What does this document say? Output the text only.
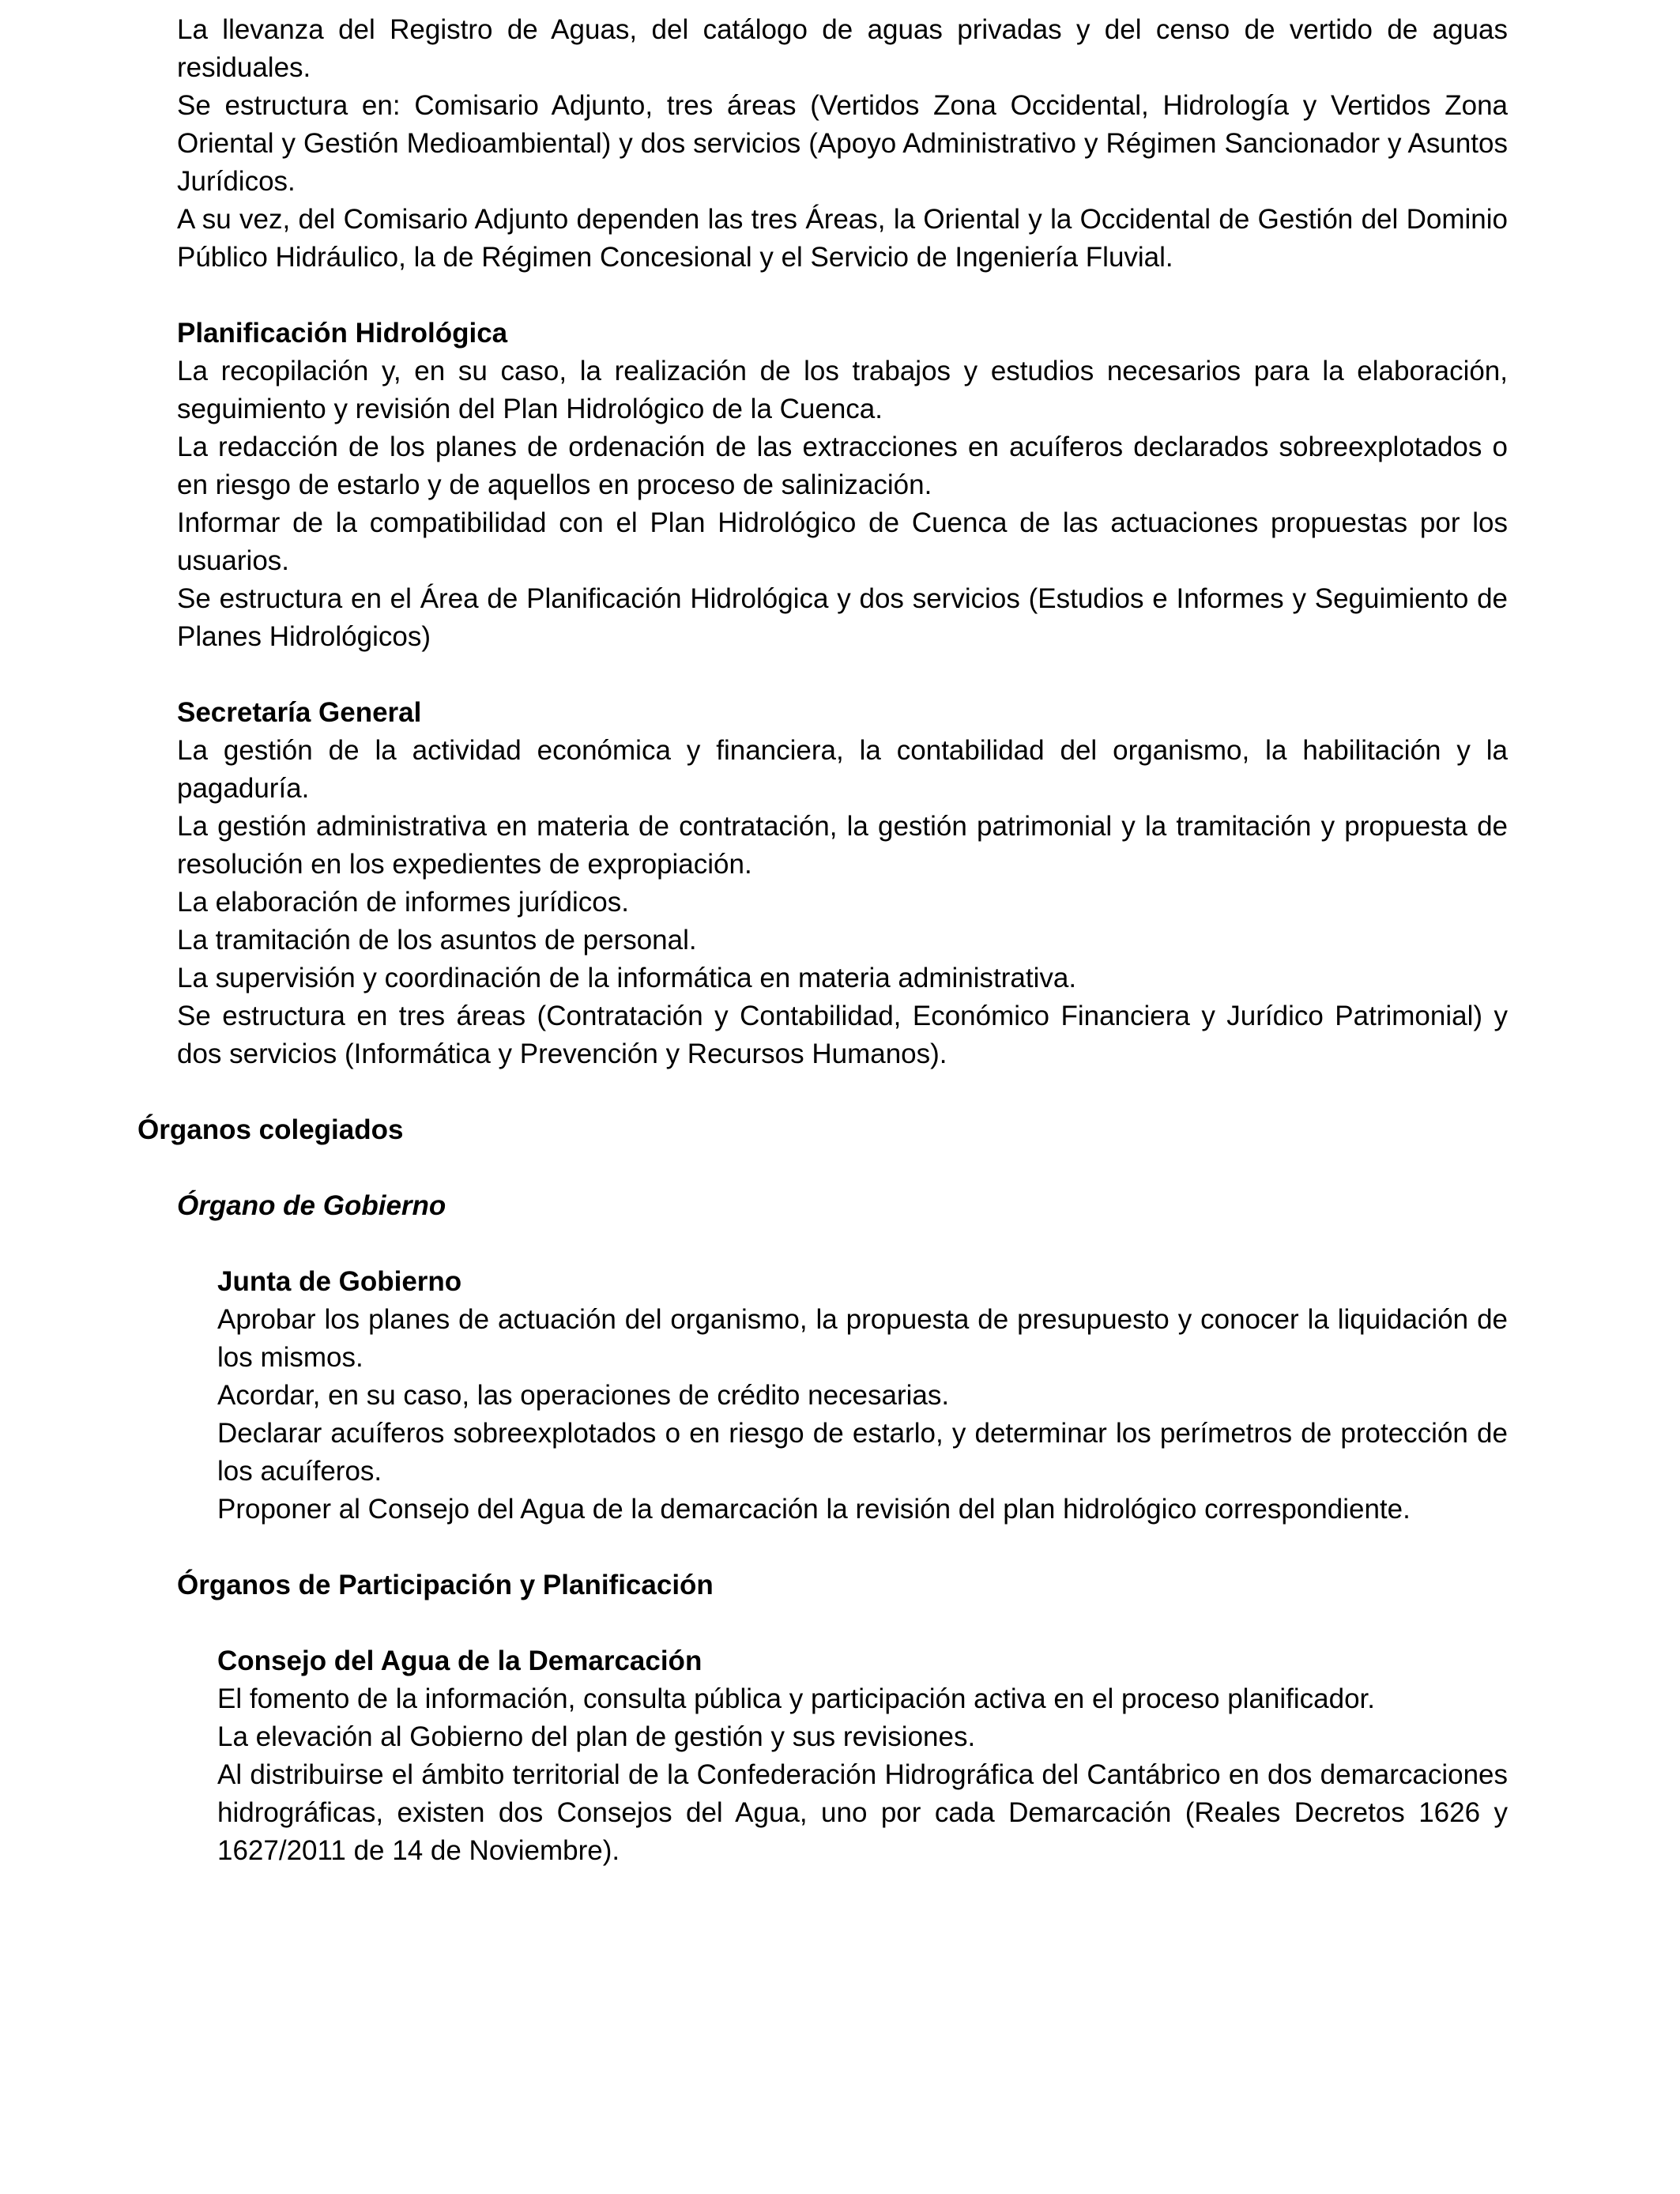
La llevanza del Registro de Aguas, del catálogo de aguas privadas y del censo de vertido de aguas residuales.

Se estructura en: Comisario Adjunto, tres áreas (Vertidos Zona Occidental, Hidrología y Vertidos Zona Oriental y Gestión Medioambiental) y dos servicios (Apoyo Administrativo y Régimen Sancionador y Asuntos Jurídicos.

A su vez, del Comisario Adjunto dependen las tres Áreas, la Oriental y la Occidental de Gestión del Dominio Público Hidráulico, la de Régimen Concesional y el Servicio de Ingeniería Fluvial.

Planificación Hidrológica

La recopilación y, en su caso, la realización de los trabajos y estudios necesarios para la elaboración, seguimiento y revisión del Plan Hidrológico de la Cuenca.

La redacción de los planes de ordenación de las extracciones en acuíferos declarados sobreexplotados o en riesgo de estarlo y de aquellos en proceso de salinización.

Informar de la compatibilidad con el Plan Hidrológico de Cuenca de las actuaciones propuestas por los usuarios.

Se estructura en el Área de Planificación Hidrológica y dos servicios (Estudios e Informes y Seguimiento de Planes Hidrológicos)

Secretaría General

La gestión de la actividad económica y financiera, la contabilidad del organismo, la habilitación y la pagaduría.

La gestión administrativa en materia de contratación, la gestión patrimonial y la tramitación y propuesta de resolución en los expedientes de expropiación.

La elaboración de informes jurídicos.

La tramitación de los asuntos de personal.

La supervisión y coordinación de la informática en materia administrativa.

Se estructura en tres áreas (Contratación y Contabilidad, Económico Financiera y Jurídico Patrimonial) y dos servicios (Informática y Prevención y Recursos Humanos).

Órganos colegiados

Órgano de Gobierno

Junta de Gobierno

Aprobar los planes de actuación del organismo, la propuesta de presupuesto y conocer la liquidación de los mismos.

Acordar, en su caso, las operaciones de crédito necesarias.

Declarar acuíferos sobreexplotados o en riesgo de estarlo, y determinar los perímetros de protección de los acuíferos.

Proponer al Consejo del Agua de la demarcación la revisión del plan hidrológico correspondiente.

Órganos de Participación y Planificación

Consejo del Agua de la Demarcación

El fomento de la información, consulta pública y participación activa en el proceso planificador.

La elevación al Gobierno del plan de gestión y sus revisiones.

Al distribuirse el ámbito territorial de la Confederación Hidrográfica del Cantábrico en dos demarcaciones hidrográficas, existen dos Consejos del Agua, uno por cada Demarcación (Reales Decretos 1626 y 1627/2011 de 14 de Noviembre).
